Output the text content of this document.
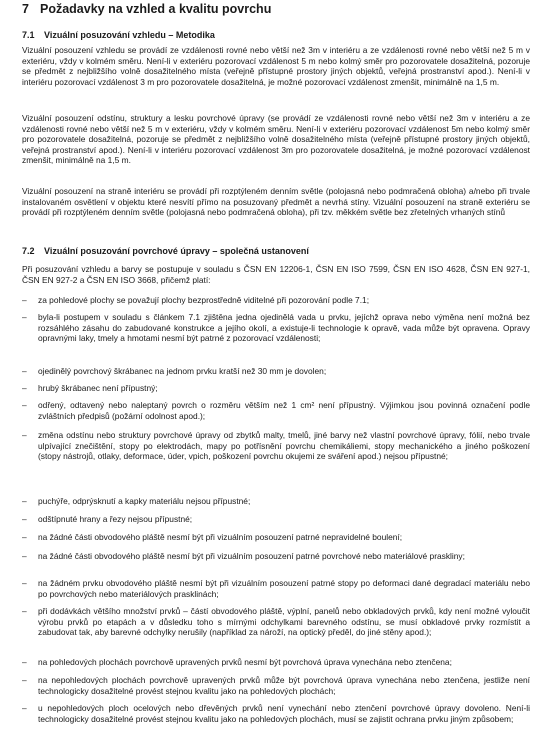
7 Požadavky na vzhled a kvalitu povrchu
7.1 Vizuální posuzování vzhledu – Metodika

Vizuální posouzení vzhledu se provádí ze vzdálenosti rovné nebo větší než 3m v interiéru a ze vzdálenosti rovné nebo větší než 5 m v exteriéru, vždy v kolmém směru. Není-li v exteriéru pozorovací vzdálenost 5 m nebo kolmý směr pro pozorovatele dosažitelná, pozoruje se předmět z nejbližšího volně dosažitelného místa (veřejně přístupné prostory jiných objektů, veřejná prostranství apod.). Není-li v interiéru pozorovací vzdálenost 3 m pro pozorovatele dosažitelná, je možné pozorovací vzdálenost zmenšit, minimálně na 1,5 m.

Vizuální posouzení odstínu, struktury a lesku povrchové úpravy (se provádí ze vzdálenosti rovné nebo větší než 3m v interiéru a ze vzdálenosti rovné nebo větší než 5 m v exteriéru, vždy v kolmém směru. Není-li v exteriéru pozorovací vzdálenost 5m nebo kolmý směr pro pozorovatele dosažitelná, pozoruje se předmět z nejbližšího volně dosažitelného místa (veřejně přístupné prostory jiných objektů, veřejná prostranství apod.). Není-li v interiéru pozorovací vzdálenost 3m pro pozorovatele dosažitelná, je možné pozorovací vzdálenost zmenšit, minimálně na 1,5 m.

Vizuální posouzení na straně interiéru se provádí při rozptýleném denním světle (polojasná nebo podmračená obloha) a/nebo při trvale instalovaném osvětlení v objektu které nesvítí přímo na posuzovaný předmět a nevrhá stíny. Vizuální posouzení na straně exteriéru se provádí při rozptýleném denním světle (polojasná nebo podmračená obloha), při tzv. měkkém světle bez zřetelných vrhaných stínů

7.2 Vizuální posuzování povrchové úpravy – společná ustanovení

Při posuzování vzhledu a barvy se postupuje v souladu s ČSN EN 12206-1, ČSN EN ISO 7599, ČSN EN ISO 4628, ČSN EN 927-1, ČSN EN 927-2 a ČSN EN ISO 3668, přičemž platí:

–	za pohledové plochy se považují plochy bezprostředně viditelné při pozorování podle 7.1;
–	byla-li postupem v souladu s článkem 7.1 zjištěna jedna ojedinělá vada u prvku, jejíchž oprava nebo výměna není možná bez rozsáhlého zásahu do zabudované konstrukce a jejího okolí, a existuje-li technologie k opravě, vada může být opravena. Opravy opravnými laky, tmely a hmotami nesmí být patrné z pozorovací vzdálenosti;
–	ojedinělý povrchový škrábanec na jednom prvku kratší než 30 mm je dovolen;
–	hrubý škrábanec není přípustný;
–	odřený, odtavený nebo naleptaný povrch o rozměru větším než 1 cm² není přípustný. Výjimkou jsou povinná označení podle zvláštních předpisů (požární odolnost apod.);
–	změna odstínu nebo struktury povrchové úpravy od zbytků malty, tmelů, jiné barvy než vlastní povrchové úpravy, fólií, nebo trvale ulpívající znečištění, stopy po elektrodách, mapy po potřísnění povrchu chemikáliemi, stopy mechanického a jiného poškození (stopy nástrojů, otlaky, deformace, úder, vpich, poškození povrchu okujemi ze sváření apod.) nejsou přípustné;
–	puchýře, odprýsknutí a kapky materiálu nejsou přípustné;
–	odštípnuté hrany a řezy nejsou přípustné;
–	na žádné části obvodového pláště nesmí být při vizuálním posouzení patrné nepravidelné boulení;
–	na žádné části obvodového pláště nesmí být při vizuálním posouzení patrné povrchové nebo materiálové praskliny;
–	na žádném prvku obvodového pláště nesmí být při vizuálním posouzení patrné stopy po deformaci dané degradací materiálu nebo po povrchových nebo materiálových prasklinách;
–	při dodávkách většího množství prvků – částí obvodového pláště, výplní, panelů nebo obkladových prvků, kdy není možné vyloučit výrobu prvků po etapách a v důsledku toho s mírnými odchylkami barevného odstínu, se musí obkladové prvky rozmístit a zabudovat tak, aby barevné odchylky nerušily (například za nároží, na optický předěl, do jiné stěny apod.);
–	na pohledových plochách povrchově upravených prvků nesmí být povrchová úprava vynechána nebo ztenčena;
–	na nepohledových plochách povrchově upravených prvků může být povrchová úprava vynechána nebo ztenčena, jestliže není technologicky dosažitelné provést stejnou kvalitu jako na pohledových plochách;
–	u nepohledových ploch ocelových nebo dřevěných prvků není vynechání nebo ztenčení povrchové úpravy dovoleno. Není-li technologicky dosažitelné provést stejnou kvalitu jako na pohledových plochách, musí se zajistit ochrana prvku jiným způsobem;
